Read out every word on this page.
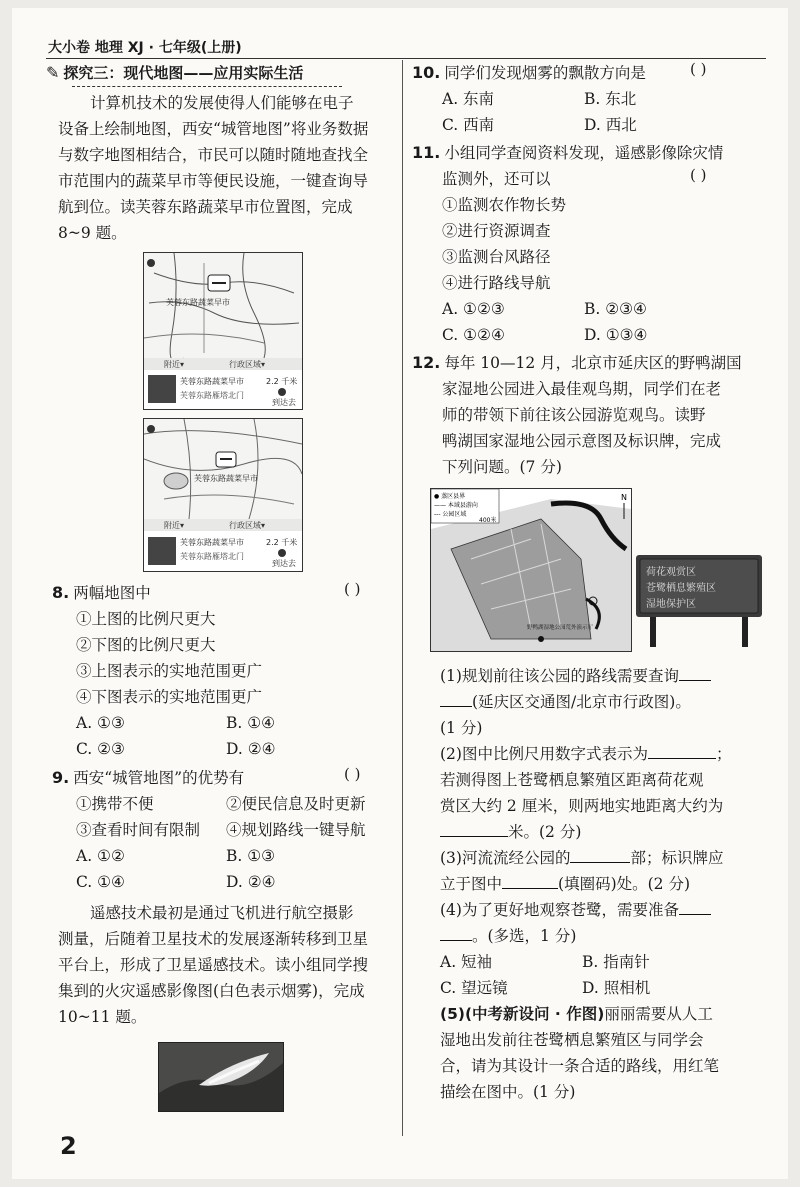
大小卷 地理 XJ · 七年级(上册)
✎ 探究三：现代地图——应用实际生活
计算机技术的发展使得人们能够在电子
设备上绘制地图，西安“城管地图”将业务数据
与数字地图相结合，市民可以随时随地查找全
市范围内的蔬菜早市等便民设施，一键查询导
航到位。读芙蓉东路蔬菜早市位置图，完成
8~9 题。
芙蓉东路蔬菜早市
附近▾	行政区域▾
芙蓉东路蔬菜早市
芙蓉东路雁塔北门
2.2 千米
到达去
芙蓉东路蔬菜早市
附近▾	行政区域▾
芙蓉东路蔬菜早市
芙蓉东路雁塔北门
2.2 千米
到达去
8. 两幅地图中	( )
①上图的比例尺更大
②下图的比例尺更大
③上图表示的实地范围更广
④下图表示的实地范围更广
A. ①③	B. ①④
C. ②③	D. ②④
9. 西安“城管地图”的优势有	( )
①携带不便	②便民信息及时更新
③查看时间有限制 ④规划路线一键导航
A. ①②	B. ①③
C. ①④	D. ②④
遥感技术最初是通过飞机进行航空摄影
测量，后随着卫星技术的发展逐渐转移到卫星
平台上，形成了卫星遥感技术。读小组同学搜
集到的火灾遥感影像图(白色表示烟雾)，完成
10~11 题。
2
10. 同学们发现烟雾的飘散方向是	( )
A. 东南	B. 东北
C. 西南	D. 西北
11. 小组同学查阅资料发现，遥感影像除灾情
监测外，还可以	( )
①监测农作物长势
②进行资源调查
③监测台风路径
④进行路线导航
A. ①②③	B. ②③④
C. ①②④	D. ①③④
12. 每年 10—12 月，北京市延庆区的野鸭湖国
家湿地公园进入最佳观鸟期，同学们在老
师的带领下前往该公园游览观鸟。读野
鸭湖国家湿地公园示意图及标识牌，完成
下列问题。(7 分)
● 蒸区县界
—— 本域县游向
--- 公园区域
400米
N
野鸭湖湿地公园荒外演示厅
荷花观赏区
苍鹭栖息繁殖区
湿地保护区
(1)规划前往该公园的路线需要查询
(延庆区交通图/北京市行政图)。
(1 分)
(2)图中比例尺用数字式表示为	；
若测得图上苍鹭栖息繁殖区距离荷花观
赏区大约 2 厘米，则两地实地距离大约为
米。(2 分)
(3)河流流经公园的	部；标识牌应
立于图中	(填圈码)处。(2 分)
(4)为了更好地观察苍鹭，需要准备
。(多选，1 分)
A. 短袖	B. 指南针
C. 望远镜	D. 照相机
(5)(中考新设问 · 作图)丽丽需要从人工
湿地出发前往苍鹭栖息繁殖区与同学会
合，请为其设计一条合适的路线，用红笔
描绘在图中。(1 分)
